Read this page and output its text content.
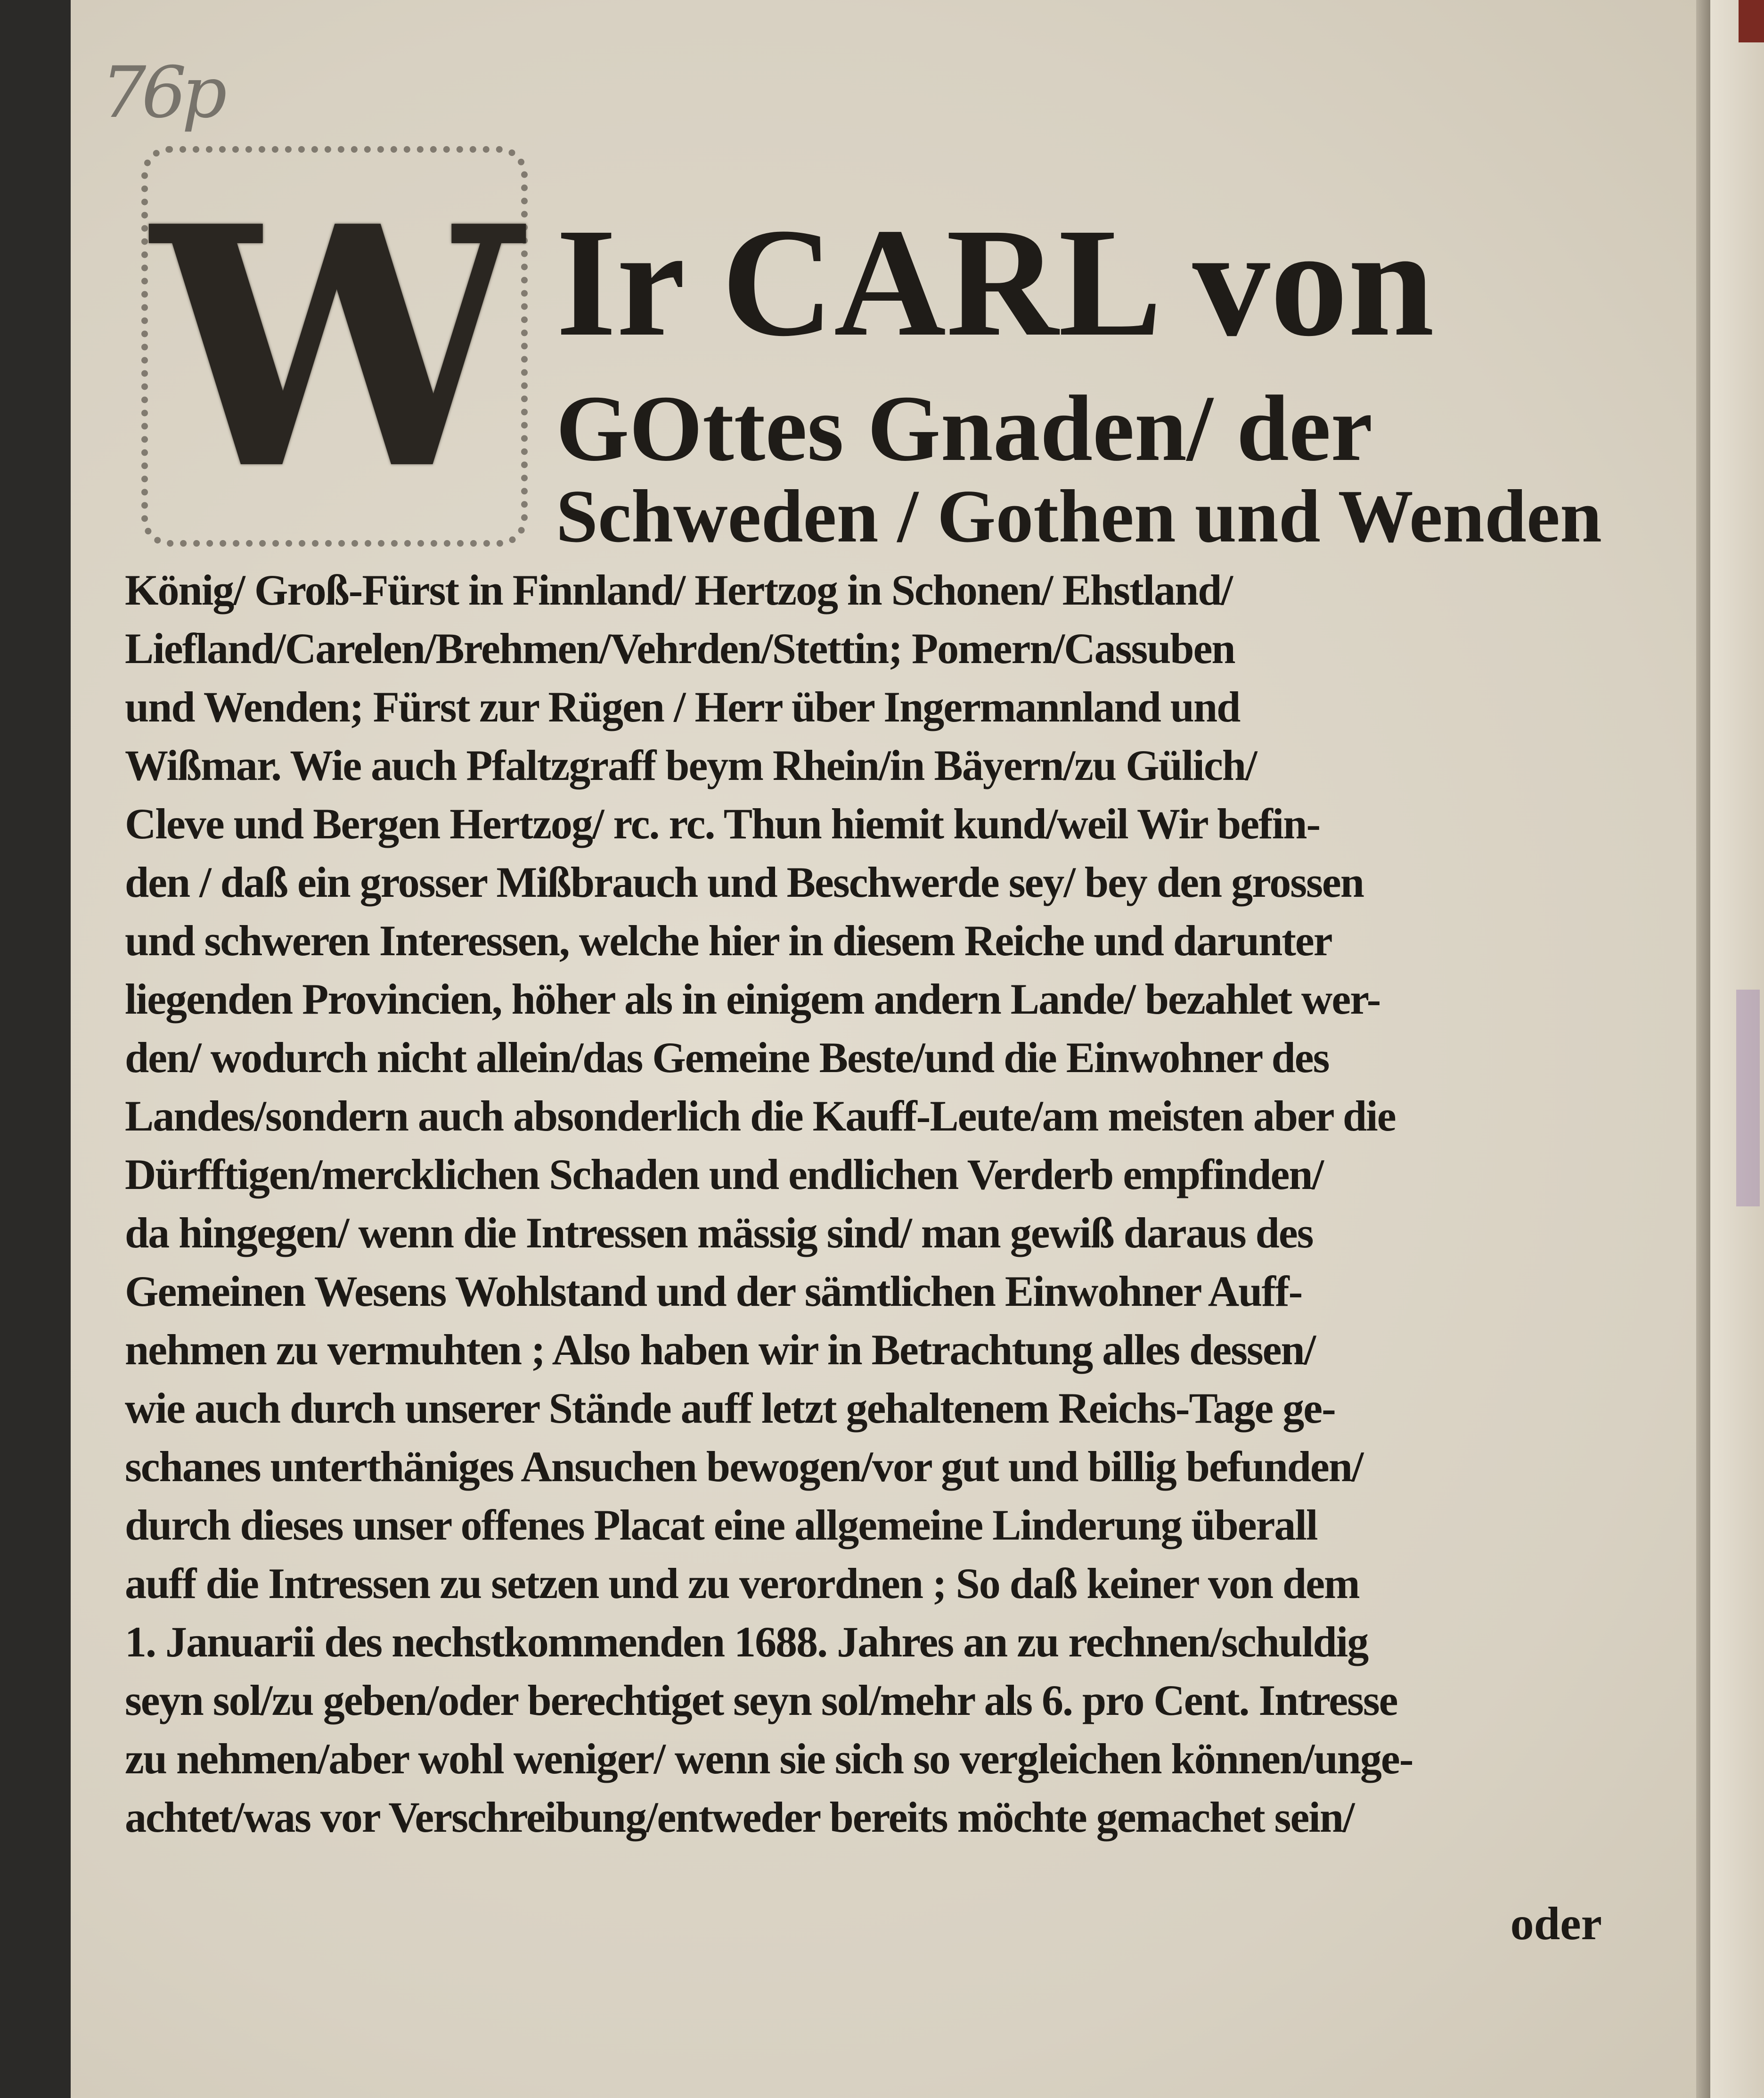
76p
W Ir CARL von
GOttes Gnaden/ der
Schweden / Gothen und Wenden
König/ Groß-Fürst in Finnland/ Hertzog in Schonen/ Ehstland/
Liefland/Carelen/Brehmen/Vehrden/Stettin; Pomern/Cassuben
und Wenden; Fürst zur Rügen / Herr über Ingermannland und
Wißmar. Wie auch Pfaltzgraff beym Rhein/in Bäyern/zu Gülich/
Cleve und Bergen Hertzog/ rc. rc. Thun hiemit kund/weil Wir befin-
den / daß ein grosser Mißbrauch und Beschwerde sey/ bey den grossen
und schweren Interessen, welche hier in diesem Reiche und darunter
liegenden Provincien, höher als in einigem andern Lande/ bezahlet wer-
den/ wodurch nicht allein/das Gemeine Beste/und die Einwohner des
Landes/sondern auch absonderlich die Kauff-Leute/am meisten aber die
Dürfftigen/mercklichen Schaden und endlichen Verderb empfinden/
da hingegen/ wenn die Intressen mässig sind/ man gewiß daraus des
Gemeinen Wesens Wohlstand und der sämtlichen Einwohner Auff-
nehmen zu vermuhten ; Also haben wir in Betrachtung alles dessen/
wie auch durch unserer Stände auff letzt gehaltenem Reichs-Tage ge-
schanes unterthäniges Ansuchen bewogen/vor gut und billig befunden/
durch dieses unser offenes Placat eine allgemeine Linderung überall
auff die Intressen zu setzen und zu verordnen ; So daß keiner von dem
1. Januarii des nechstkommenden 1688. Jahres an zu rechnen/schuldig
seyn sol/zu geben/oder berechtiget seyn sol/mehr als 6. pro Cent. Intresse
zu nehmen/aber wohl weniger/ wenn sie sich so vergleichen können/unge-
achtet/was vor Verschreibung/entweder bereits möchte gemachet sein/
oder
